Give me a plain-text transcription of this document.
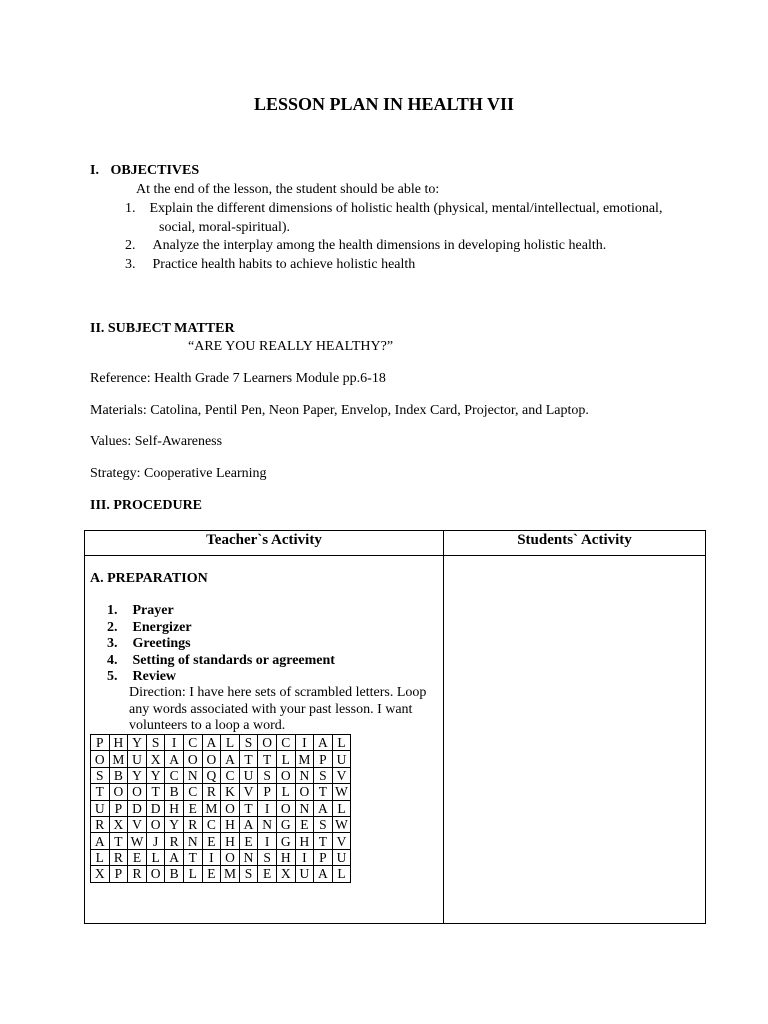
LESSON PLAN IN HEALTH VII
I. OBJECTIVES
At the end of the lesson, the student should be able to:
1. Explain the different dimensions of holistic health (physical, mental/intellectual, emotional,
social, moral-spiritual).
2. Analyze the interplay among the health dimensions in developing holistic health.
3. Practice health habits to achieve holistic health
II. SUBJECT MATTER
“ARE YOU REALLY HEALTHY?”
Reference: Health Grade 7 Learners Module pp.6-18
Materials: Catolina, Pentil Pen, Neon Paper, Envelop, Index Card, Projector, and Laptop.
Values: Self-Awareness
Strategy: Cooperative Learning
III. PROCEDURE
Teacher`s Activity	Students` Activity
A. PREPARATION
1. Prayer
2. Energizer
3. Greetings
4. Setting of standards or agreement
5. Review
Direction: I have here sets of scrambled letters. Loop
any words associated with your past lesson. I want
volunteers to a loop a word.
P	H	Y	S	I	C	A	L	S	O	C	I	A	L
O	M	U	X	A	O	O	A	T	T	L	M	P	U
S	B	Y	Y	C	N	Q	C	U	S	O	N	S	V
T	O	O	T	B	C	R	K	V	P	L	O	T	W
U	P	D	D	H	E	M	O	T	I	O	N	A	L
R	X	V	O	Y	R	C	H	A	N	G	E	S	W
A	T	W	J	R	N	E	H	E	I	G	H	T	V
L	R	E	L	A	T	I	O	N	S	H	I	P	U
X	P	R	O	B	L	E	M	S	E	X	U	A	L
